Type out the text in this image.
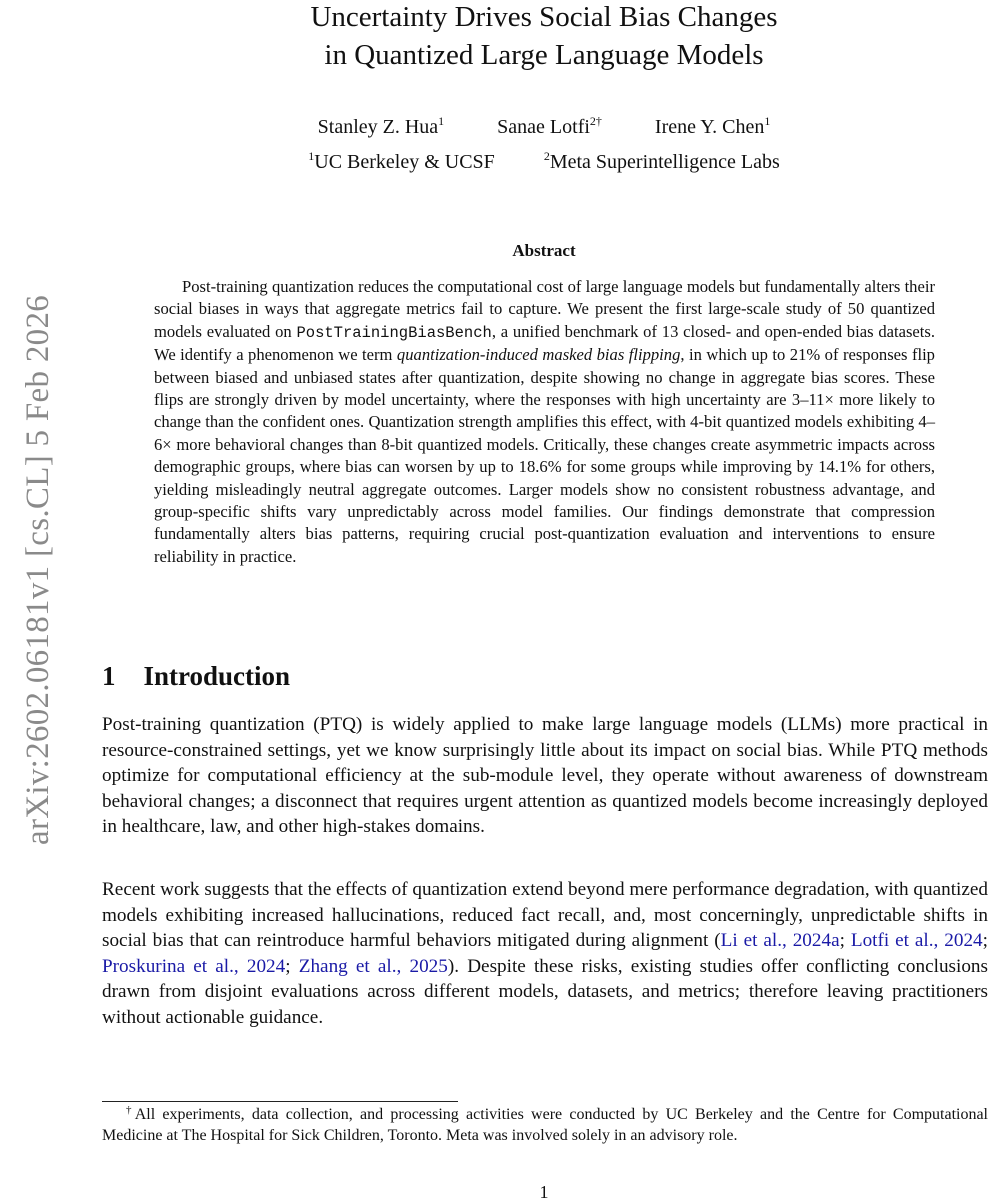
arXiv:2602.06181v1 [cs.CL] 5 Feb 2026
Uncertainty Drives Social Bias Changes
in Quantized Large Language Models
Stanley Z. Hua$^1$	Sanae Lotfi$^{2\dagger}$	Irene Y. Chen$^1$
$^1$UC Berkeley & UCSF	$^2$Meta Superintelligence Labs
Abstract

Post-training quantization reduces the computational cost of large language models but fundamentally alters their social biases in ways that aggregate metrics fail to capture. We present the first large-scale study of 50 quantized models evaluated on PostTrainingBiasBench, a unified benchmark of 13 closed- and open-ended bias datasets. We identify a phenomenon we term quantization-induced masked bias flipping, in which up to 21% of responses flip between biased and unbiased states after quantization, despite showing no change in aggregate bias scores. These flips are strongly driven by model uncertainty, where the responses with high uncertainty are 3–11× more likely to change than the confident ones. Quantization strength amplifies this effect, with 4-bit quantized models exhibiting 4–6× more behavioral changes than 8-bit quantized models. Critically, these changes create asymmetric impacts across demographic groups, where bias can worsen by up to 18.6% for some groups while improving by 14.1% for others, yielding misleadingly neutral aggregate outcomes. Larger models show no consistent robustness advantage, and group-specific shifts vary unpredictably across model families. Our findings demonstrate that compression fundamentally alters bias patterns, requiring crucial post-quantization evaluation and interventions to ensure reliability in practice.

1 Introduction

Post-training quantization (PTQ) is widely applied to make large language models (LLMs) more practical in resource-constrained settings, yet we know surprisingly little about its impact on social bias. While PTQ methods optimize for computational efficiency at the sub-module level, they operate without awareness of downstream behavioral changes; a disconnect that requires urgent attention as quantized models become increasingly deployed in healthcare, law, and other high-stakes domains.

Recent work suggests that the effects of quantization extend beyond mere performance degradation, with quantized models exhibiting increased hallucinations, reduced fact recall, and, most concerningly, unpredictable shifts in social bias that can reintroduce harmful behaviors mitigated during alignment (Li et al., 2024a; Lotfi et al., 2024; Proskurina et al., 2024; Zhang et al., 2025). Despite these risks, existing studies offer conflicting conclusions drawn from disjoint evaluations across different models, datasets, and metrics; therefore leaving practitioners without actionable guidance.

†All experiments, data collection, and processing activities were conducted by UC Berkeley and the Centre for Computational Medicine at The Hospital for Sick Children, Toronto. Meta was involved solely in an advisory role.

1
